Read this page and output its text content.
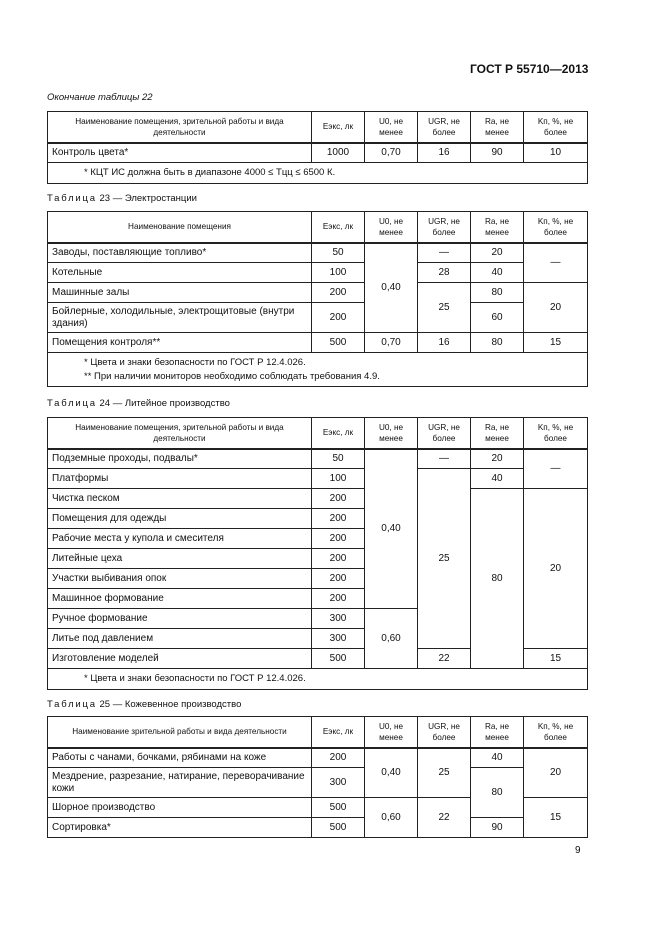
ГОСТ Р 55710—2013
Окончание таблицы 22
Наименование помещения, зрительной работы и вида деятельности	Eэкс, лк	U0, не менее	UGR, не более	Ra, не менее	Kп, %, не более
Контроль цвета*	1000	0,70	16	90	10
* КЦТ ИС должна быть в диапазоне 4000 ≤ Tцц ≤ 6500 К.					
Таблица 23 — Электростанции
Наименование помещения	Eэкс, лк	U0, не менее	UGR, не более	Ra, не менее	Kп, %, не более
Заводы, поставляющие топливо*	50	0,40	—	20	—
Котельные	100		28	40	
Машинные залы	200		25	80	20
Бойлерные, холодильные, электрощитовые (внутри здания)	200			60	
Помещения контроля**	500	0,70	16	80	15

* Цвета и знаки безопасности по ГОСТ Р 12.4.026.
** При наличии мониторов необходимо соблюдать требования 4.9.					
Таблица 24 — Литейное производство
Наименование помещения, зрительной работы и вида деятельности	Eэкс, лк	U0, не менее	UGR, не более	Ra, не менее	Kп, %, не более
Подземные проходы, подвалы*	50	0,40	—	20	—
Платформы	100		25	40	
Чистка песком	200			80	20
Помещения для одежды	200				
Рабочие места у купола и смесителя	200				
Литейные цеха	200				
Участки выбивания опок	200				
Машинное формование	200				
Ручное формование	300	0,60			
Литье под давлением	300				
Изготовление моделей	500		22		15
* Цвета и знаки безопасности по ГОСТ Р 12.4.026.					
Таблица 25 — Кожевенное производство
Наименование зрительной работы и вида деятельности	Eэкс, лк	U0, не менее	UGR, не более	Ra, не менее	Kп, %, не более
Работы с чанами, бочками, рябинами на коже	200	0,40	25	40	20
Мездрение, разрезание, натирание, переворачивание кожи	300			80	
Шорное производство	500	0,60	22		15
Сортировка*	500			90	
9
